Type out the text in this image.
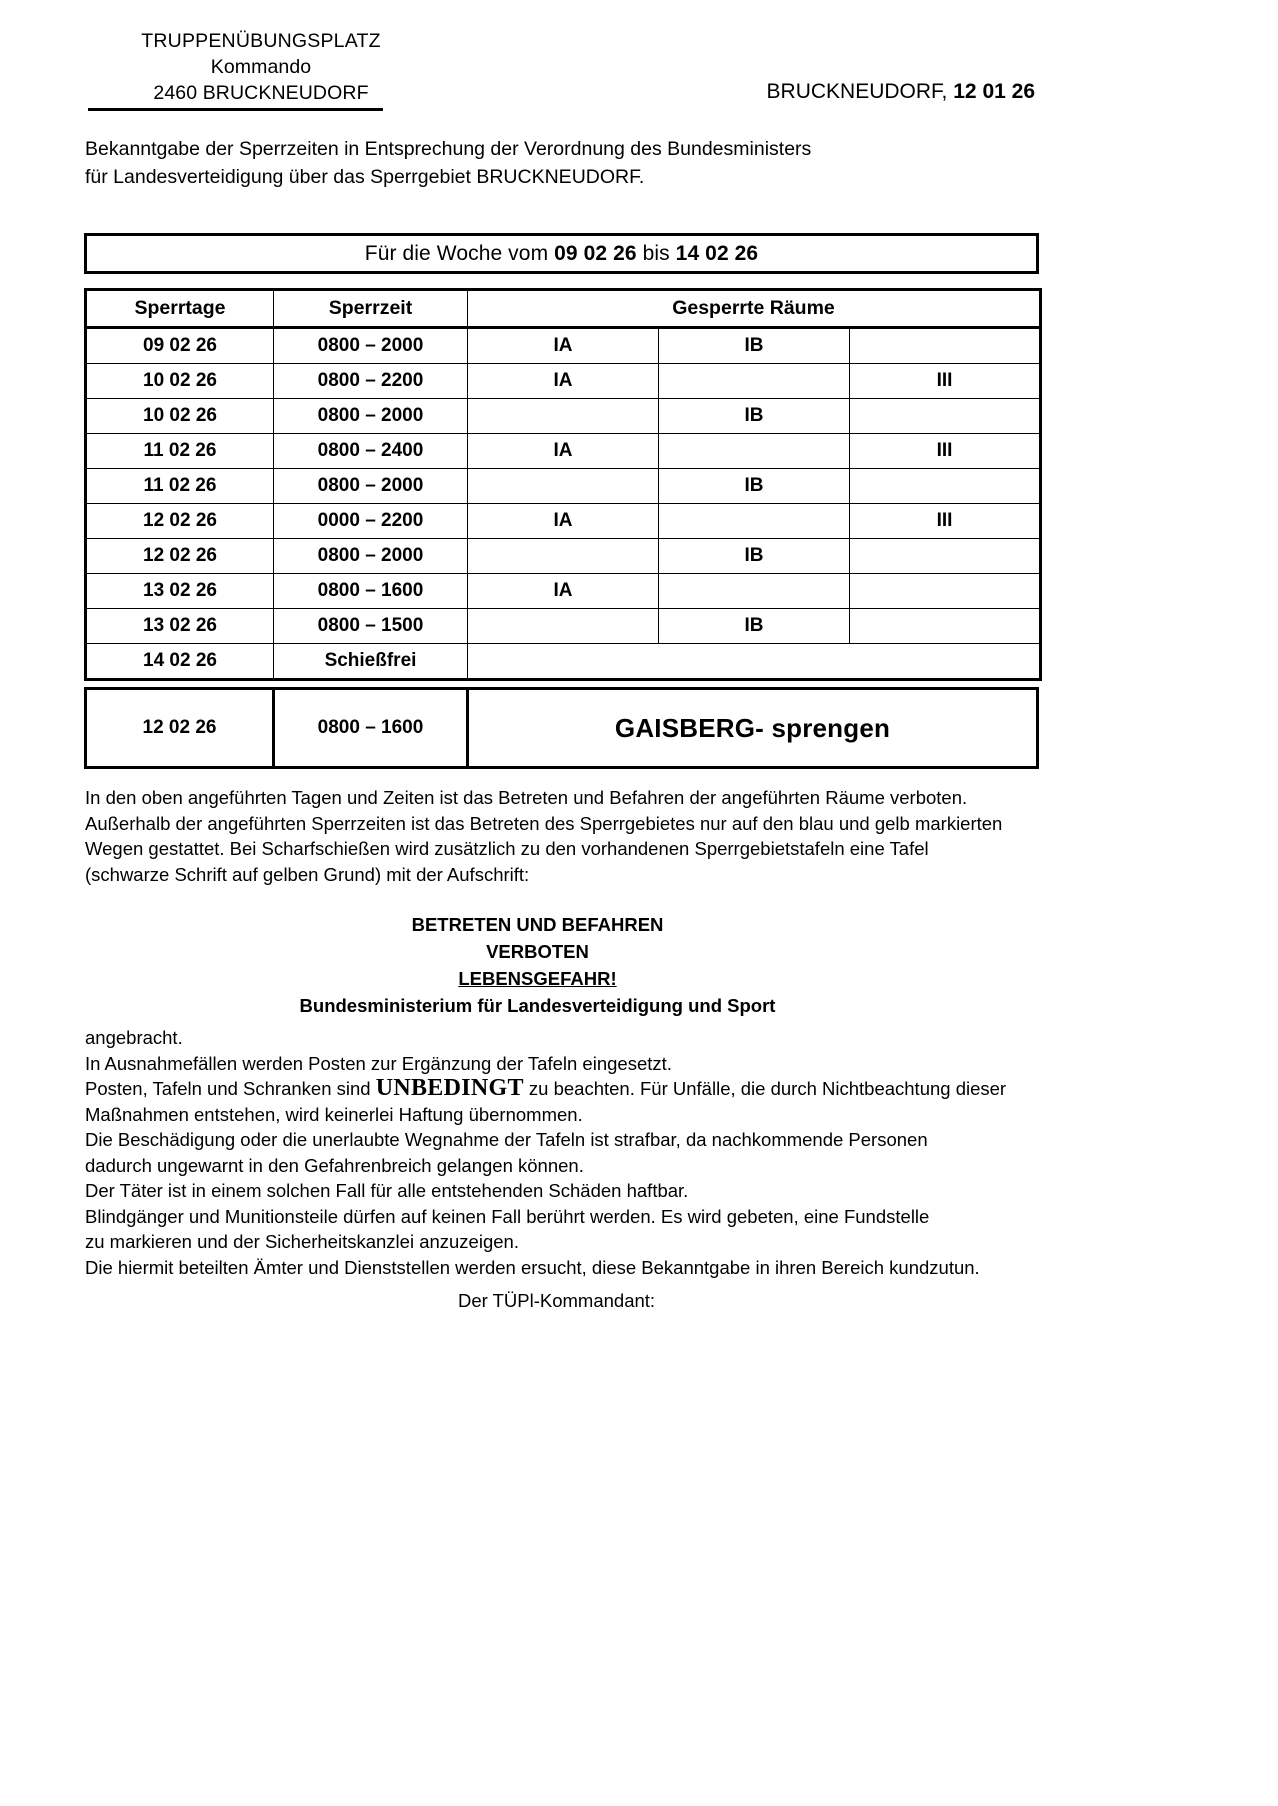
TRUPPENÜBUNGSPLATZ
Kommando
2460 BRUCKNEUDORF	BRUCKNEUDORF, 12 01 26
Bekanntgabe der Sperrzeiten in Entsprechung der Verordnung des Bundesministers
für Landesverteidigung über das Sperrgebiet BRUCKNEUDORF.
Für die Woche vom 09 02 26 bis 14 02 26
Sperrtage	Sperrzeit	Gesperrte Räume		
09 02 26	0800 – 2000	IA	IB	
10 02 26	0800 – 2200	IA		III
10 02 26	0800 – 2000		IB	
11 02 26	0800 – 2400	IA		III
11 02 26	0800 – 2000		IB	
12 02 26	0000 – 2200	IA		III
12 02 26	0800 – 2000		IB	
13 02 26	0800 – 1600	IA		
13 02 26	0800 – 1500		IB	
14 02 26	Schießfrei			
12 02 26	0800 – 1600	GAISBERG- sprengen
In den oben angeführten Tagen und Zeiten ist das Betreten und Befahren der angeführten Räume verboten.
Außerhalb der angeführten Sperrzeiten ist das Betreten des Sperrgebietes nur auf den blau und gelb markierten
Wegen gestattet. Bei Scharfschießen wird zusätzlich zu den vorhandenen Sperrgebietstafeln eine Tafel
(schwarze Schrift auf gelben Grund) mit der Aufschrift:
BETRETEN UND BEFAHREN
VERBOTEN
LEBENSGEFAHR!
Bundesministerium für Landesverteidigung und Sport
angebracht.
In Ausnahmefällen werden Posten zur Ergänzung der Tafeln eingesetzt.
Posten, Tafeln und Schranken sind UNBEDINGT zu beachten. Für Unfälle, die durch Nichtbeachtung dieser
Maßnahmen entstehen, wird keinerlei Haftung übernommen.
Die Beschädigung oder die unerlaubte Wegnahme der Tafeln ist strafbar, da nachkommende Personen
dadurch ungewarnt in den Gefahrenbreich gelangen können.
Der Täter ist in einem solchen Fall für alle entstehenden Schäden haftbar.
Blindgänger und Munitionsteile dürfen auf keinen Fall berührt werden. Es wird gebeten, eine Fundstelle
zu markieren und der Sicherheitskanzlei anzuzeigen.
Die hiermit beteilten Ämter und Dienststellen werden ersucht, diese Bekanntgabe in ihren Bereich kundzutun.
Der TÜPl-Kommandant:
